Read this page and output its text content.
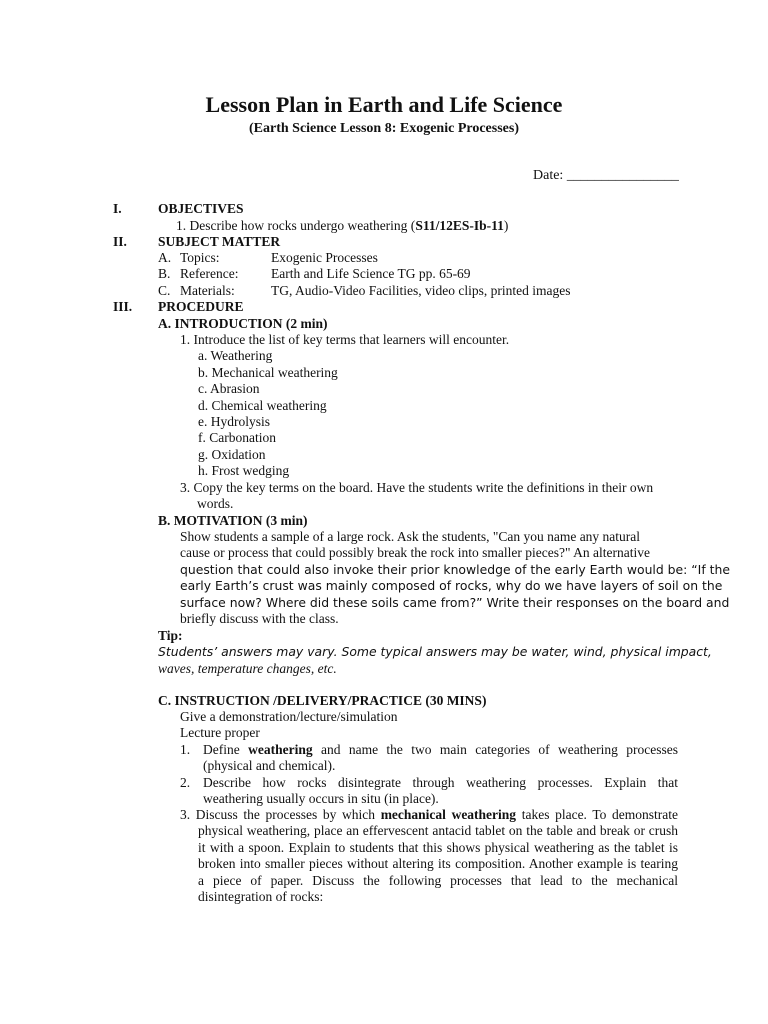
Lesson Plan in Earth and Life Science
(Earth Science Lesson 8: Exogenic Processes)
Date: ________________
I.	OBJECTIVES
1. Describe how rocks undergo weathering (S11/12ES-Ib-11)
II. SUBJECT MATTER
A. Topics:	Exogenic Processes
B. Reference: Earth and Life Science TG pp. 65-69
C. Materials:	TG, Audio-Video Facilities, video clips, printed images
III. PROCEDURE
A. INTRODUCTION (2 min)
1. Introduce the list of key terms that learners will encounter.
a. Weathering
b. Mechanical weathering
c. Abrasion
d. Chemical weathering
e. Hydrolysis
f. Carbonation
g. Oxidation
h. Frost wedging
3. Copy the key terms on the board. Have the students write the definitions in their own
words.
B. MOTIVATION (3 min)
Show students a sample of a large rock. Ask the students, "Can you name any natural
cause or process that could possibly break the rock into smaller pieces?" An alternative
question that could also invoke their prior knowledge of the early Earth would be: “If the
early Earth’s crust was mainly composed of rocks, why do we have layers of soil on the
surface now? Where did these soils came from?” Write their responses on the board and
briefly discuss with the class.
Tip:
Students’ answers may vary. Some typical answers may be water, wind, physical impact,
waves, temperature changes, etc.
C. INSTRUCTION /DELIVERY/PRACTICE (30 MINS)
Give a demonstration/lecture/simulation
Lecture proper
1. Define weathering and name the two main categories of weathering processes
(physical and chemical).
2. Describe how rocks disintegrate through weathering processes. Explain that
weathering usually occurs in situ (in place).
3. Discuss the processes by which mechanical weathering takes place. To demonstrate
physical weathering, place an effervescent antacid tablet on the table and break or crush
it with a spoon. Explain to students that this shows physical weathering as the tablet is
broken into smaller pieces without altering its composition. Another example is tearing
a piece of paper. Discuss the following processes that lead to the mechanical
disintegration of rocks:
